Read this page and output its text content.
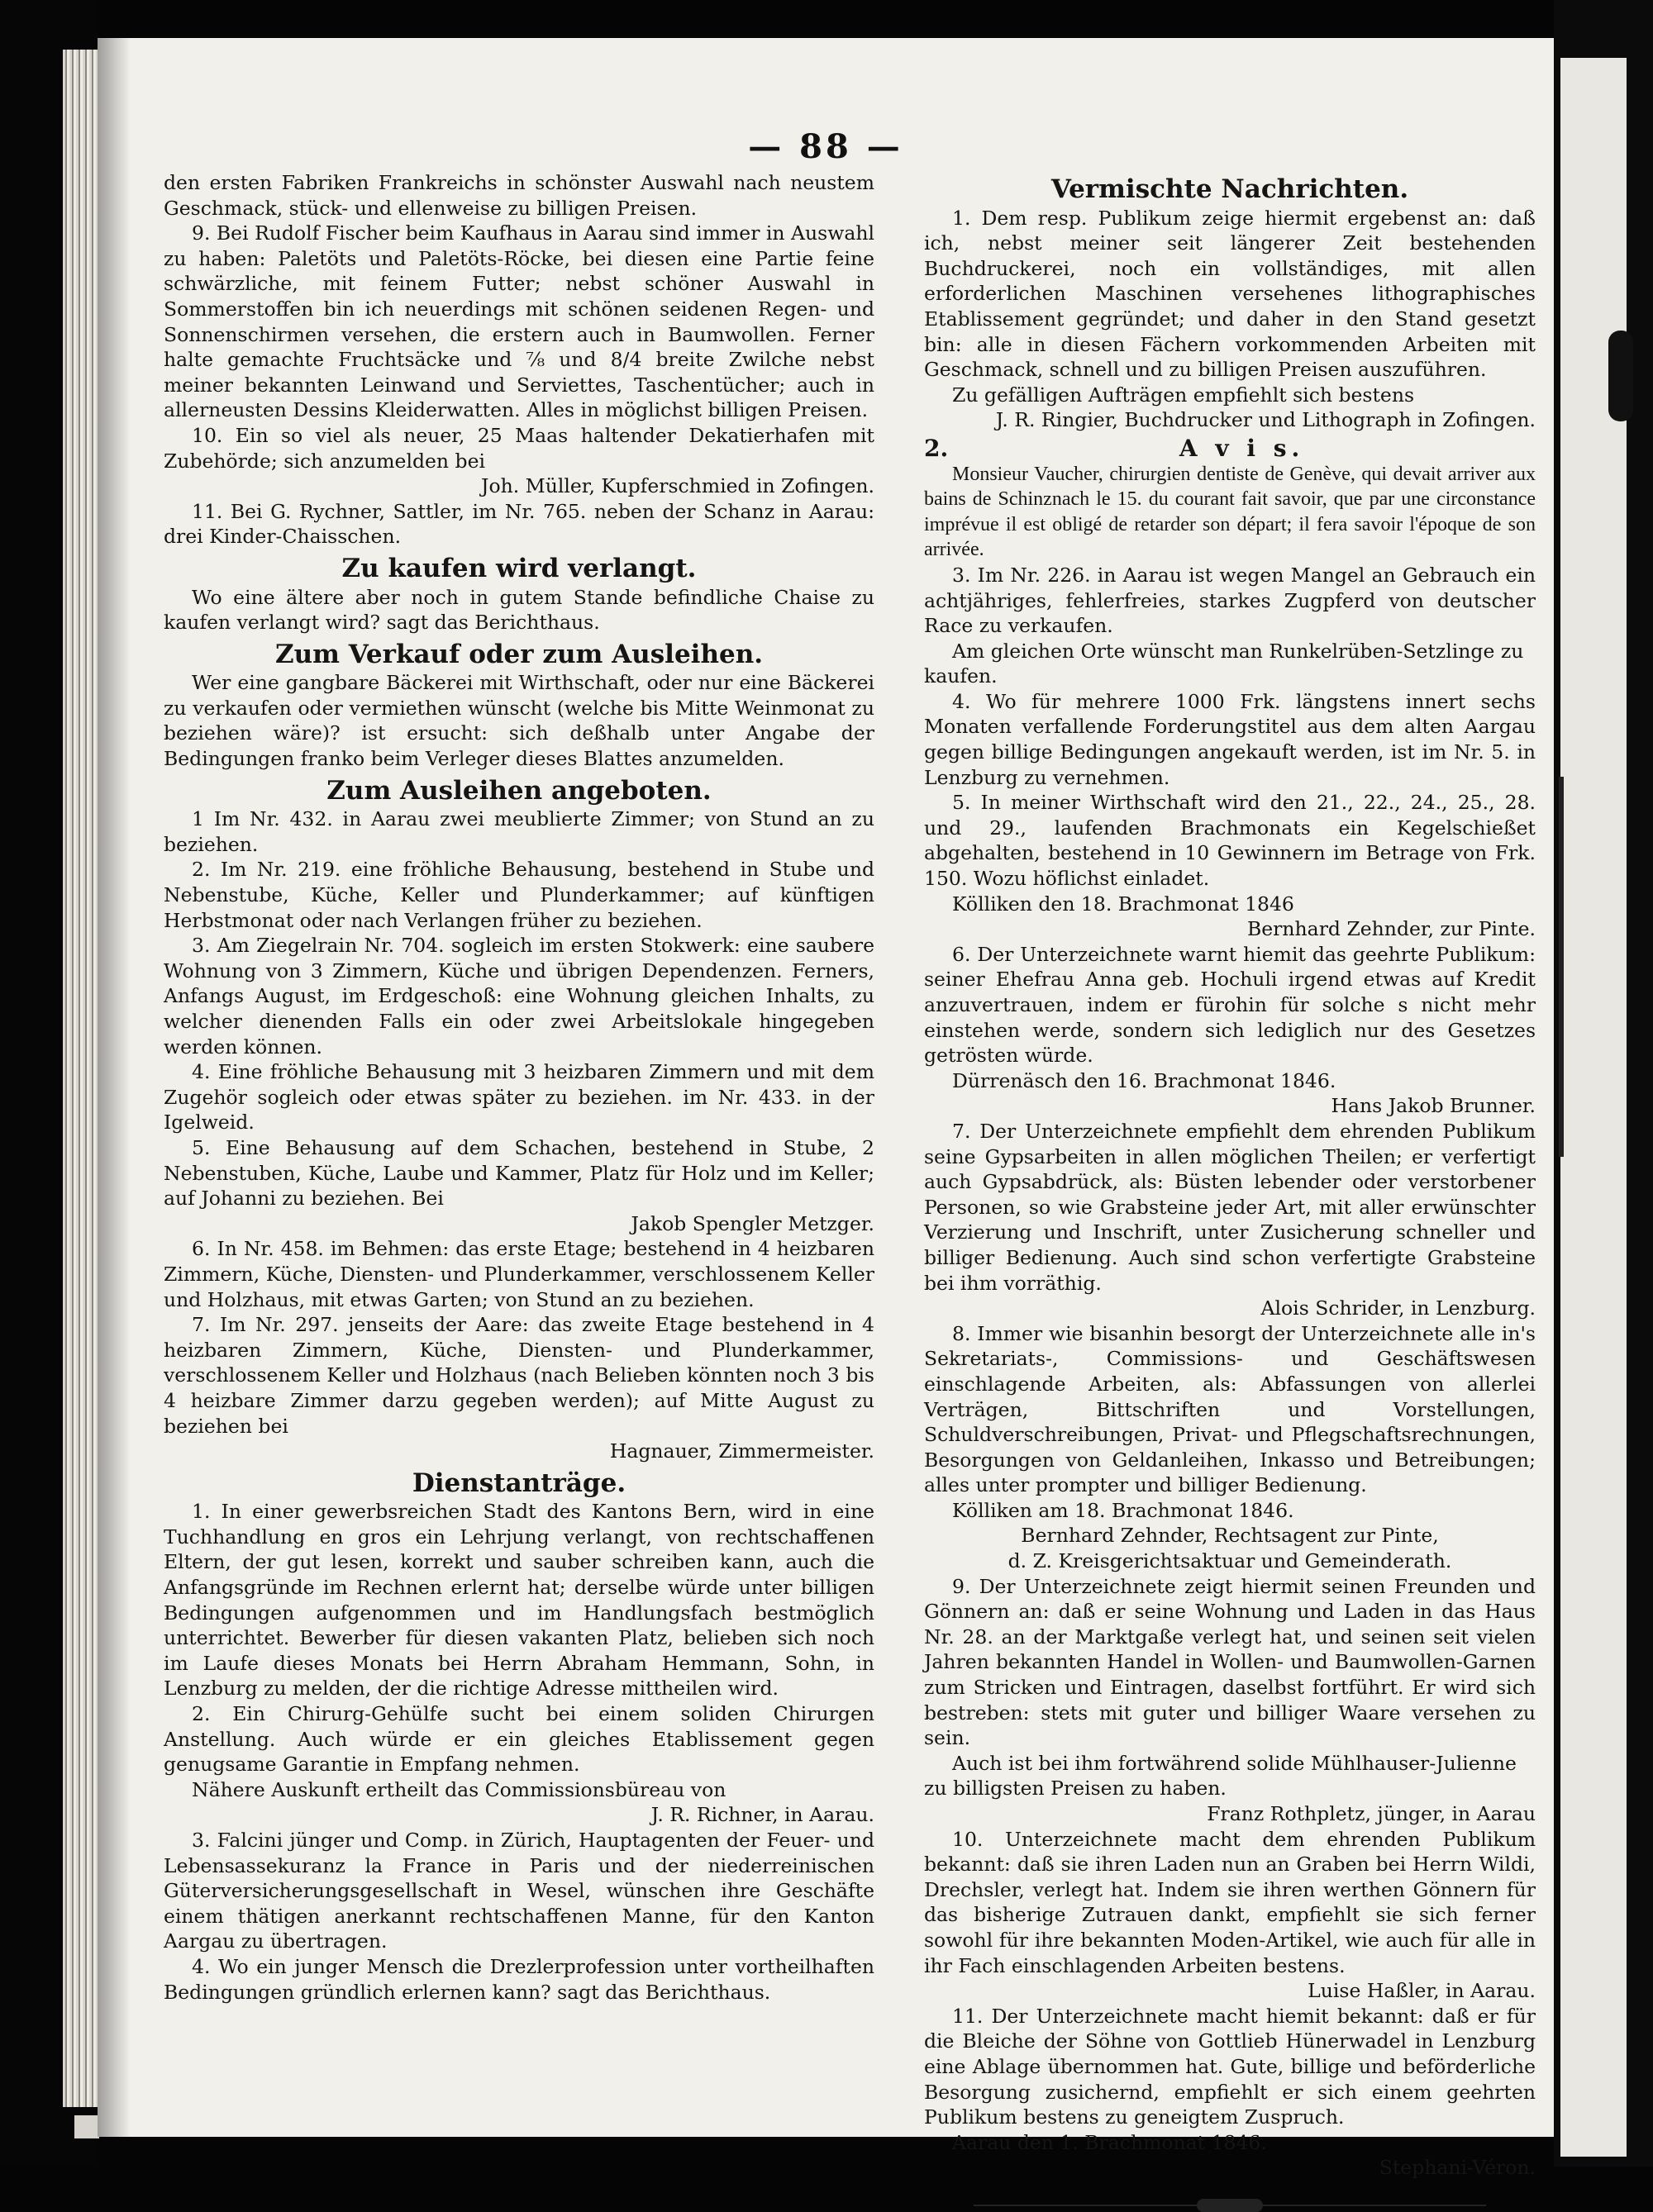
— 88 —

den ersten Fabriken Frankreichs in schönster Auswahl nach neustem Geschmack, stück- und ellenweise zu billigen Preisen.

9. Bei Rudolf Fischer beim Kaufhaus in Aarau sind immer in Auswahl zu haben: Paletöts und Paletöts-Röcke, bei diesen eine Partie feine schwärzliche, mit feinem Futter; nebst schöner Auswahl in Sommerstoffen bin ich neuerdings mit schönen seidenen Regen- und Sonnenschirmen versehen, die erstern auch in Baumwollen. Ferner halte gemachte Fruchtsäcke und ⅞ und 8/4 breite Zwilche nebst meiner bekannten Leinwand und Serviettes, Taschentücher; auch in allerneusten Dessins Kleiderwatten. Alles in möglichst billigen Preisen.

10. Ein so viel als neuer, 25 Maas haltender Dekatierhafen mit Zubehörde; sich anzumelden bei

Joh. Müller, Kupferschmied in Zofingen.

11. Bei G. Rychner, Sattler, im Nr. 765. neben der Schanz in Aarau: drei Kinder-Chaisschen.

Zu kaufen wird verlangt.

Wo eine ältere aber noch in gutem Stande befindliche Chaise zu kaufen verlangt wird? sagt das Berichthaus.

Zum Verkauf oder zum Ausleihen.

Wer eine gangbare Bäckerei mit Wirthschaft, oder nur eine Bäckerei zu verkaufen oder vermiethen wünscht (welche bis Mitte Weinmonat zu beziehen wäre)? ist ersucht: sich deßhalb unter Angabe der Bedingungen franko beim Verleger dieses Blattes anzumelden.

Zum Ausleihen angeboten.

1 Im Nr. 432. in Aarau zwei meublierte Zimmer; von Stund an zu beziehen.

2. Im Nr. 219. eine fröhliche Behausung, bestehend in Stube und Nebenstube, Küche, Keller und Plunderkammer; auf künftigen Herbstmonat oder nach Verlangen früher zu beziehen.

3. Am Ziegelrain Nr. 704. sogleich im ersten Stokwerk: eine saubere Wohnung von 3 Zimmern, Küche und übrigen Dependenzen. Ferners, Anfangs August, im Erdgeschoß: eine Wohnung gleichen Inhalts, zu welcher dienenden Falls ein oder zwei Arbeitslokale hingegeben werden können.

4. Eine fröhliche Behausung mit 3 heizbaren Zimmern und mit dem Zugehör sogleich oder etwas später zu beziehen. im Nr. 433. in der Igelweid.

5. Eine Behausung auf dem Schachen, bestehend in Stube, 2 Nebenstuben, Küche, Laube und Kammer, Platz für Holz und im Keller; auf Johanni zu beziehen. Bei

Jakob Spengler Metzger.

6. In Nr. 458. im Behmen: das erste Etage; bestehend in 4 heizbaren Zimmern, Küche, Diensten- und Plunderkammer, verschlossenem Keller und Holzhaus, mit etwas Garten; von Stund an zu beziehen.

7. Im Nr. 297. jenseits der Aare: das zweite Etage bestehend in 4 heizbaren Zimmern, Küche, Diensten- und Plunderkammer, verschlossenem Keller und Holzhaus (nach Belieben könnten noch 3 bis 4 heizbare Zimmer darzu gegeben werden); auf Mitte August zu beziehen bei

Hagnauer, Zimmermeister.

Dienstanträge.

1. In einer gewerbsreichen Stadt des Kantons Bern, wird in eine Tuchhandlung en gros ein Lehrjung verlangt, von rechtschaffenen Eltern, der gut lesen, korrekt und sauber schreiben kann, auch die Anfangsgründe im Rechnen erlernt hat; derselbe würde unter billigen Bedingungen aufgenommen und im Handlungsfach bestmöglich unterrichtet. Bewerber für diesen vakanten Platz, belieben sich noch im Laufe dieses Monats bei Herrn Abraham Hemmann, Sohn, in Lenzburg zu melden, der die richtige Adresse mittheilen wird.

2. Ein Chirurg-Gehülfe sucht bei einem soliden Chirurgen Anstellung. Auch würde er ein gleiches Etablissement gegen genugsame Garantie in Empfang nehmen.

Nähere Auskunft ertheilt das Commissionsbüreau von

J. R. Richner, in Aarau.

3. Falcini jünger und Comp. in Zürich, Hauptagenten der Feuer- und Lebensassekuranz la France in Paris und der niederreinischen Güterversicherungsgesellschaft in Wesel, wünschen ihre Geschäfte einem thätigen anerkannt rechtschaffenen Manne, für den Kanton Aargau zu übertragen.

4. Wo ein junger Mensch die Drezlerprofession unter vortheilhaften Bedingungen gründlich erlernen kann? sagt das Berichthaus.

Vermischte Nachrichten.

1. Dem resp. Publikum zeige hiermit ergebenst an: daß ich, nebst meiner seit längerer Zeit bestehenden Buchdruckerei, noch ein vollständiges, mit allen erforderlichen Maschinen versehenes lithographisches Etablissement gegründet; und daher in den Stand gesetzt bin: alle in diesen Fächern vorkommenden Arbeiten mit Geschmack, schnell und zu billigen Preisen auszuführen.

Zu gefälligen Aufträgen empfiehlt sich bestens

J. R. Ringier, Buchdrucker und Lithograph in Zofingen.

2.	A v i s.

Monsieur Vaucher, chirurgien dentiste de Genève, qui devait arriver aux bains de Schinznach le 15. du courant fait savoir, que par une circonstance imprévue il est obligé de retarder son départ; il fera savoir l'époque de son arrivée.

3. Im Nr. 226. in Aarau ist wegen Mangel an Gebrauch ein achtjähriges, fehlerfreies, starkes Zugpferd von deutscher Race zu verkaufen.

Am gleichen Orte wünscht man Runkelrüben-Setzlinge zu kaufen.

4. Wo für mehrere 1000 Frk. längstens innert sechs Monaten verfallende Forderungstitel aus dem alten Aargau gegen billige Bedingungen angekauft werden, ist im Nr. 5. in Lenzburg zu vernehmen.

5. In meiner Wirthschaft wird den 21., 22., 24., 25., 28. und 29., laufenden Brachmonats ein Kegelschießet abgehalten, bestehend in 10 Gewinnern im Betrage von Frk. 150. Wozu höflichst einladet.

Kölliken den 18. Brachmonat 1846

Bernhard Zehnder, zur Pinte.

6. Der Unterzeichnete warnt hiemit das geehrte Publikum: seiner Ehefrau Anna geb. Hochuli irgend etwas auf Kredit anzuvertrauen, indem er fürohin für solche s nicht mehr einstehen werde, sondern sich lediglich nur des Gesetzes getrösten würde.

Dürrenäsch den 16. Brachmonat 1846.

Hans Jakob Brunner.

7. Der Unterzeichnete empfiehlt dem ehrenden Publikum seine Gypsarbeiten in allen möglichen Theilen; er verfertigt auch Gypsabdrück, als: Büsten lebender oder verstorbener Personen, so wie Grabsteine jeder Art, mit aller erwünschter Verzierung und Inschrift, unter Zusicherung schneller und billiger Bedienung. Auch sind schon verfertigte Grabsteine bei ihm vorräthig.

Alois Schrider, in Lenzburg.

8. Immer wie bisanhin besorgt der Unterzeichnete alle in's Sekretariats-, Commissions- und Geschäftswesen einschlagende Arbeiten, als: Abfassungen von allerlei Verträgen, Bittschriften und Vorstellungen, Schuldverschreibungen, Privat- und Pflegschaftsrechnungen, Besorgungen von Geldanleihen, Inkasso und Betreibungen; alles unter prompter und billiger Bedienung.

Kölliken am 18. Brachmonat 1846.

Bernhard Zehnder, Rechtsagent zur Pinte,

d. Z. Kreisgerichtsaktuar und Gemeinderath.

9. Der Unterzeichnete zeigt hiermit seinen Freunden und Gönnern an: daß er seine Wohnung und Laden in das Haus Nr. 28. an der Marktgaße verlegt hat, und seinen seit vielen Jahren bekannten Handel in Wollen- und Baumwollen-Garnen zum Stricken und Eintragen, daselbst fortführt. Er wird sich bestreben: stets mit guter und billiger Waare versehen zu sein.

Auch ist bei ihm fortwährend solide Mühlhauser-Julienne zu billigsten Preisen zu haben.

Franz Rothpletz, jünger, in Aarau

10. Unterzeichnete macht dem ehrenden Publikum bekannt: daß sie ihren Laden nun an Graben bei Herrn Wildi, Drechsler, verlegt hat. Indem sie ihren werthen Gönnern für das bisherige Zutrauen dankt, empfiehlt sie sich ferner sowohl für ihre bekannten Moden-Artikel, wie auch für alle in ihr Fach einschlagenden Arbeiten bestens.

Luise Haßler, in Aarau.

11. Der Unterzeichnete macht hiemit bekannt: daß er für die Bleiche der Söhne von Gottlieb Hünerwadel in Lenzburg eine Ablage übernommen hat. Gute, billige und beförderliche Besorgung zusichernd, empfiehlt er sich einem geehrten Publikum bestens zu geneigtem Zuspruch.

Aarau den 1. Brachmonat 1846.

Stephani-Véron.
